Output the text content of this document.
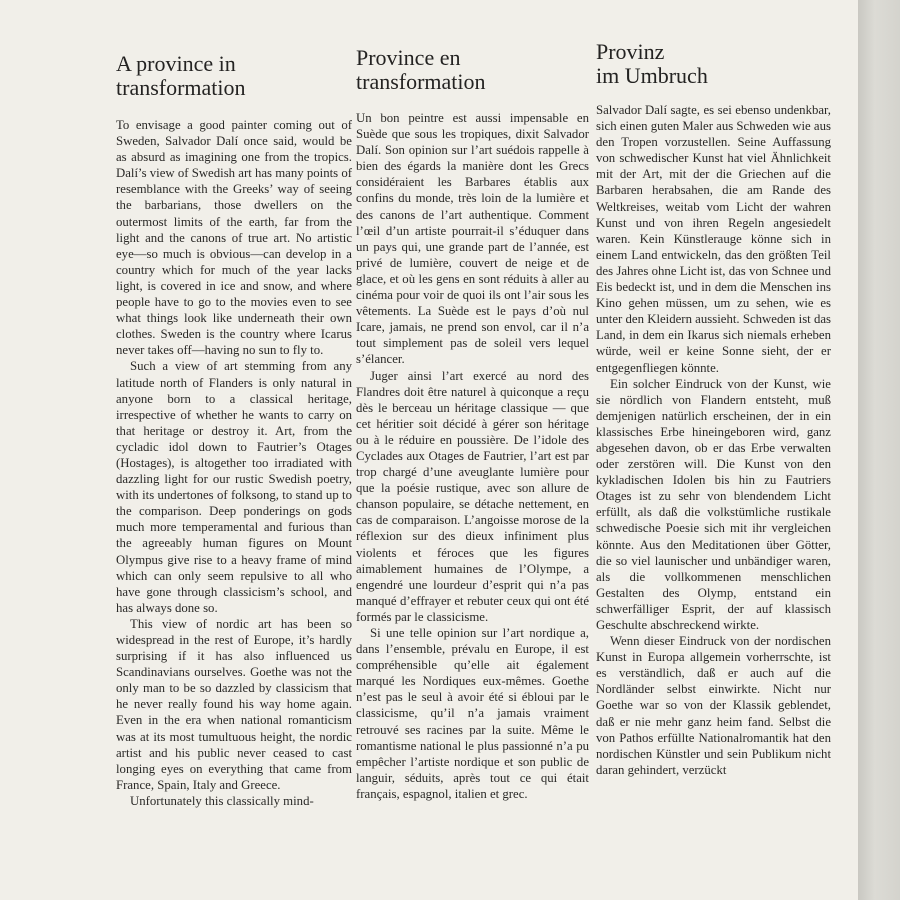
A province in
transformation

To envisage a good painter coming out of Sweden, Salvador Dalí once said, would be as absurd as imagining one from the tropics. Dalí’s view of Swedish art has many points of resemblance with the Greeks’ way of seeing the barbarians, those dwellers on the outermost limits of the earth, far from the light and the canons of true art. No artistic eye—so much is obvious—can develop in a country which for much of the year lacks light, is covered in ice and snow, and where people have to go to the movies even to see what things look like underneath their own clothes. Sweden is the country where Icarus never takes off—having no sun to fly to.

Such a view of art stemming from any latitude north of Flanders is only natural in anyone born to a classical heritage, irrespective of whether he wants to carry on that heritage or destroy it. Art, from the cycladic idol down to Fautrier’s Otages (Hostages), is altogether too irradiated with dazzling light for our rustic Swedish poetry, with its undertones of folksong, to stand up to the comparison. Deep ponderings on gods much more temperamental and furious than the agreeably human figures on Mount Olympus give rise to a heavy frame of mind which can only seem repulsive to all who have gone through classicism’s school, and has always done so.

This view of nordic art has been so widespread in the rest of Europe, it’s hardly surprising if it has also influenced us Scandinavians ourselves. Goethe was not the only man to be so dazzled by classicism that he never really found his way home again. Even in the era when national romanticism was at its most tumultuous height, the nordic artist and his public never ceased to cast longing eyes on everything that came from France, Spain, Italy and Greece.

Unfortunately this classically mind-

Province en
transformation

Un bon peintre est aussi impensable en Suède que sous les tropiques, dixit Salvador Dalí. Son opinion sur l’art suédois rappelle à bien des égards la manière dont les Grecs considéraient les Barbares établis aux confins du monde, très loin de la lumière et des canons de l’art authentique. Comment l’œil d’un artiste pourrait-il s’éduquer dans un pays qui, une grande part de l’année, est privé de lumière, couvert de neige et de glace, et où les gens en sont réduits à aller au cinéma pour voir de quoi ils ont l’air sous les vêtements. La Suède est le pays d’où nul Icare, jamais, ne prend son envol, car il n’a tout simplement pas de soleil vers lequel s’élancer.

Juger ainsi l’art exercé au nord des Flandres doit être naturel à quiconque a reçu dès le berceau un héritage classique — que cet héritier soit décidé à gérer son héritage ou à le réduire en poussière. De l’idole des Cyclades aux Otages de Fautrier, l’art est par trop chargé d’une aveuglante lumière pour que la poésie rustique, avec son allure de chanson populaire, se détache nettement, en cas de comparaison. L’angoisse morose de la réflexion sur des dieux infiniment plus violents et féroces que les figures aimablement humaines de l’Olympe, a engendré une lourdeur d’esprit qui n’a pas manqué d’effrayer et rebuter ceux qui ont été formés par le classicisme.

Si une telle opinion sur l’art nordique a, dans l’ensemble, prévalu en Europe, il est compréhensible qu’elle ait également marqué les Nordiques eux-mêmes. Goethe n’est pas le seul à avoir été si ébloui par le classicisme, qu’il n’a jamais vraiment retrouvé ses racines par la suite. Même le romantisme national le plus passionné n’a pu empêcher l’artiste nordique et son public de languir, séduits, après tout ce qui était français, espagnol, italien et grec.

Provinz
im Umbruch

Salvador Dalí sagte, es sei ebenso undenkbar, sich einen guten Maler aus Schweden wie aus den Tropen vorzustellen. Seine Auffassung von schwedischer Kunst hat viel Ähnlichkeit mit der Art, mit der die Griechen auf die Barbaren herabsahen, die am Rande des Weltkreises, weitab vom Licht der wahren Kunst und von ihren Regeln angesiedelt waren. Kein Künstlerauge könne sich in einem Land entwickeln, das den größten Teil des Jahres ohne Licht ist, das von Schnee und Eis bedeckt ist, und in dem die Menschen ins Kino gehen müssen, um zu sehen, wie es unter den Kleidern aussieht. Schweden ist das Land, in dem ein Ikarus sich niemals erheben würde, weil er keine Sonne sieht, der er entgegenfliegen könnte.

Ein solcher Eindruck von der Kunst, wie sie nördlich von Flandern entsteht, muß demjenigen natürlich erscheinen, der in ein klassisches Erbe hineingeboren wird, ganz abgesehen davon, ob er das Erbe verwalten oder zerstören will. Die Kunst von den kykladischen Idolen bis hin zu Fautriers Otages ist zu sehr von blendendem Licht erfüllt, als daß die volkstümliche rustikale schwedische Poesie sich mit ihr vergleichen könnte. Aus den Meditationen über Götter, die so viel launischer und unbändiger waren, als die vollkommenen menschlichen Gestalten des Olymp, entstand ein schwerfälliger Esprit, der auf klassisch Geschulte abschreckend wirkte.

Wenn dieser Eindruck von der nordischen Kunst in Europa allgemein vorherrschte, ist es verständlich, daß er auch auf die Nordländer selbst einwirkte. Nicht nur Goethe war so von der Klassik geblendet, daß er nie mehr ganz heim fand. Selbst die von Pathos erfüllte Nationalromantik hat den nordischen Künstler und sein Publikum nicht daran gehindert, verzückt
